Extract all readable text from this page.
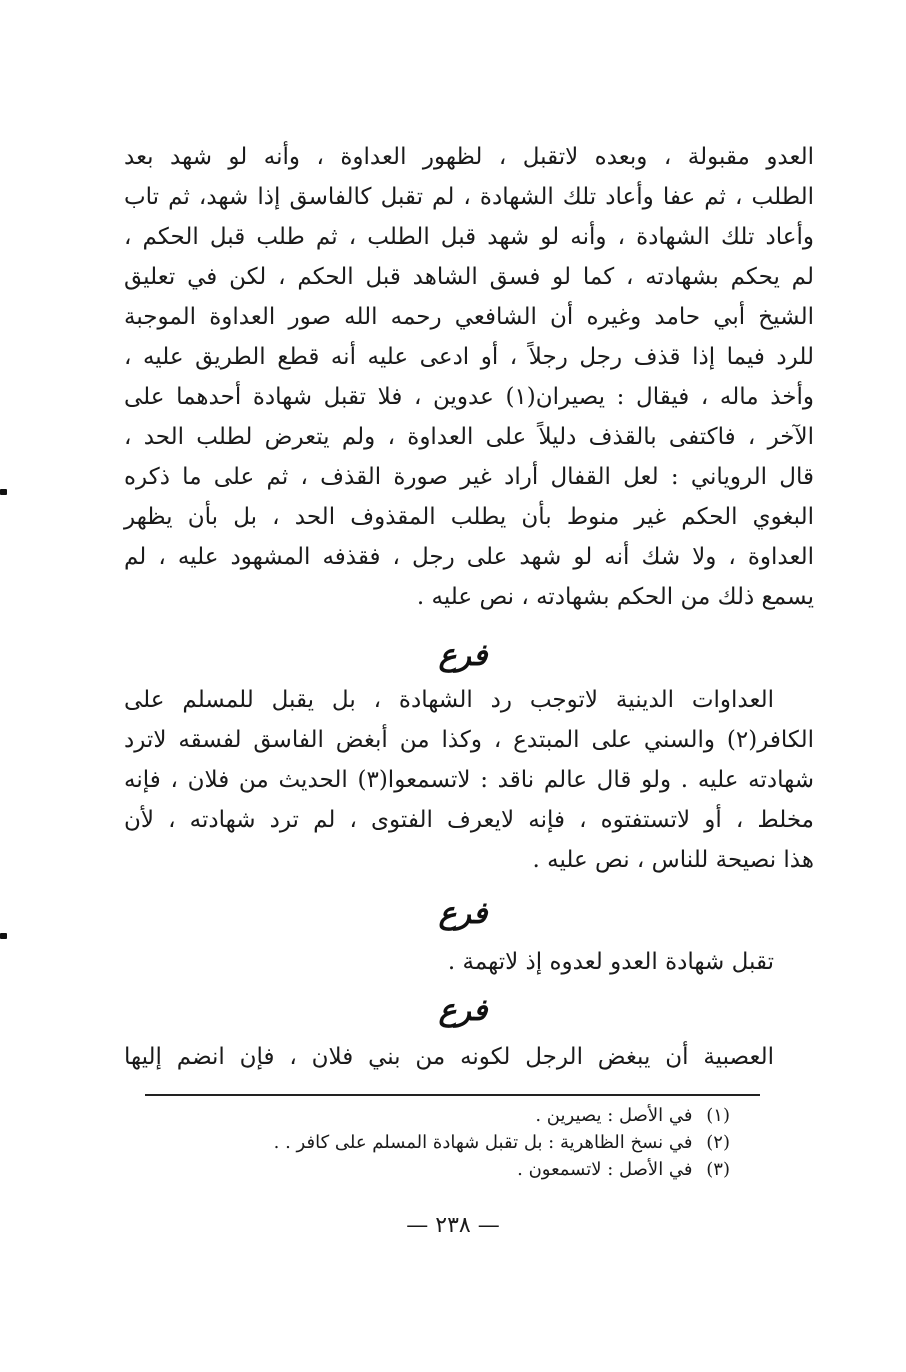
العدو مقبولة ، وبعده لاتقبل ، لظهور العداوة ، وأنه لو شهد بعد
الطلب ، ثم عفا وأعاد تلك الشهادة ، لم تقبل كالفاسق إذا شهد، ثم تاب
وأعاد تلك الشهادة ، وأنه لو شهد قبل الطلب ، ثم طلب قبل الحكم ،
لم يحكم بشهادته ، كما لو فسق الشاهد قبل الحكم ، لكن في تعليق
الشيخ أبي حامد وغيره أن الشافعي رحمه الله صور العداوة الموجبة
للرد فيما إذا قذف رجل رجلاً ، أو ادعى عليه أنه قطع الطريق عليه ،
وأخذ ماله ، فيقال : يصيران(١) عدوين ، فلا تقبل شهادة أحدهما على
الآخر ، فاكتفى بالقذف دليلاً على العداوة ، ولم يتعرض لطلب الحد ،
قال الروياني : لعل القفال أراد غير صورة القذف ، ثم على ما ذكره
البغوي الحكم غير منوط بأن يطلب المقذوف الحد ، بل بأن يظهر
العداوة ، ولا شك أنه لو شهد على رجل ، فقذفه المشهود عليه ، لم
يسمع ذلك من الحكم بشهادته ، نص عليه .
فرع
العداوات الدينية لاتوجب رد الشهادة ، بل يقبل للمسلم على
الكافر(٢) والسني على المبتدع ، وكذا من أبغض الفاسق لفسقه لاترد
شهادته عليه . ولو قال عالم ناقد : لاتسمعوا(٣) الحديث من فلان ، فإنه
مخلط ، أو لاتستفتوه ، فإنه لايعرف الفتوى ، لم ترد شهادته ، لأن
هذا نصيحة للناس ، نص عليه .
فرع
تقبل شهادة العدو لعدوه إذ لاتهمة .
فرع
العصبية أن يبغض الرجل لكونه من بني فلان ، فإن انضم إليها
(١) في الأصل : يصيرين .
(٢) في نسخ الظاهرية : بل تقبل شهادة المسلم على كافر . .
(٣) في الأصل : لاتسمعون .
— ٢٣٨ —
